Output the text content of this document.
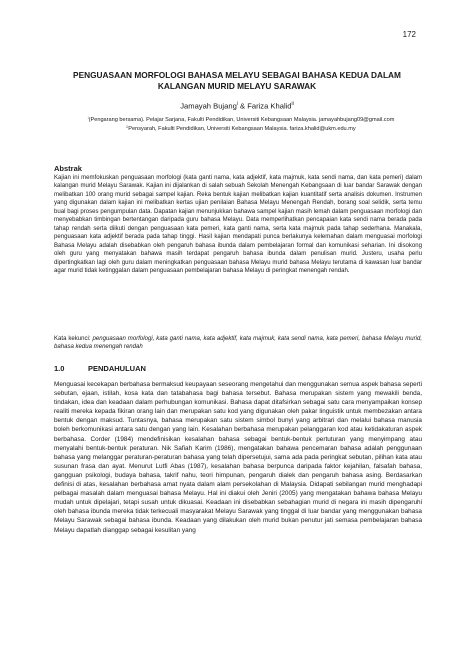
172
PENGUASAAN MORFOLOGI BAHASA MELAYU SEBAGAI BAHASA KEDUA DALAM
KALANGAN MURID MELAYU SARAWAK
Jamayah Bujang$^i$ & Fariza Khalid$^{ii}$
ⁱ(Pengarang bersama). Pelajar Sarjana, Fakulti Pendidikan, Universiti Kebangsaan Malaysia. jamayahbujang09@gmail.com
ⁱⁱPensyarah, Fakulti Pendidikan, Universiti Kebangsaan Malaysia. fariza.khalid@ukm.edu.my
Abstrak
Kajian ini memfokuskan penguasaan morfologi (kata ganti nama, kata adjektif, kata majmuk, kata sendi nama, dan kata pemeri) dalam kalangan murid Melayu Sarawak. Kajian ini dijalankan di salah sebuah Sekolah Menengah Kebangsaan di luar bandar Sarawak dengan melibatkan 100 orang murid sebagai sampel kajian. Reka bentuk kajian melibatkan kajian kuantitatif serta analisis dokumen. Instrumen yang digunakan dalam kajian ini melibatkan kertas ujian penilaian Bahasa Melayu Menengah Rendah, borang soal selidik, serta temu bual bagi proses pengumpulan data. Dapatan kajian menunjukkan bahawa sampel kajian masih lemah dalam penguasaan morfologi dan menyebabkan timbingan bertentangan daripada guru bahasa Melayu. Data memperlihatkan pencapaian kata sendi nama berada pada tahap rendah serta diikuti dengan penguasaan kata pemeri, kata ganti nama, serta kata majmuk pada tahap sederhana. Manakala, penguasaan kata adjektif berada pada tahap tinggi. Hasil kajian mendapati punca berlakunya kelemahan dalam menguasai morfologi Bahasa Melayu adalah disebabkan oleh pengaruh bahasa ibunda dalam pembelajaran formal dan komunikasi seharian. Ini disokong oleh guru yang menyatakan bahawa masih terdapat pengaruh bahasa ibunda dalam penulisan murid. Justeru, usaha perlu dipertingkatkan lagi oleh guru dalam meningkatkan penguasaan bahasa Melayu murid bahasa Melayu terutama di kawasan luar bandar agar murid tidak ketinggalan dalam penguasaan pembelajaran bahasa Melayu di peringkat menengah rendah.
Kata kekunci: penguasaan morfologi, kata ganti nama, kata adjektif, kata majmuk, kata sendi nama, kata pemeri, bahasa Melayu murid, bahasa kedua menengah rendah
1.0	PENDAHULUAN
Menguasai kecekapan berbahasa bermaksud keupayaan seseorang mengetahui dan menggunakan semua aspek bahasa seperti sebutan, ejaan, istilah, kosa kata dan tatabahasa bagi bahasa tersebut. Bahasa merupakan sistem yang mewakili benda, tindakan, idea dan keadaan dalam perhubungan komunikasi. Bahasa dapat ditafsirkan sebagai satu cara menyampaikan konsep realiti mereka kepada fikiran orang lain dan merupakan satu kod yang digunakan oleh pakar linguistik untuk membezakan antara bentuk dengan maksud. Tuntasnya, bahasa merupakan satu sistem simbol bunyi yang arbitrari dan melalui bahasa manusia boleh berkomunikasi antara satu dengan yang lain. Kesalahan berbahasa merupakan pelanggaran kod atau ketidakaturan aspek berbahasa. Corder (1984) mendefinisikan kesalahan bahasa sebagai bentuk-bentuk pertuturan yang menyimpang atau menyalahi bentuk-bentuk peraturan. Nik Safiah Karim (1986), mengatakan bahawa pencemaran bahasa adalah penggunaan bahasa yang melanggar peraturan-peraturan bahasa yang telah dipersetujui, sama ada pada peringkat sebutan, pilihan kata atau susunan frasa dan ayat. Menurut Lutfi Abas (1987), kesalahan bahasa berpunca daripada faktor kejahilan, falsafah bahasa, gangguan psikologi, budaya bahasa, takrif nahu, teori himpunan, pengaruh dialek dan pengaruh bahasa asing. Berdasarkan definisi di atas, kesalahan berbahasa amat nyata dalam alam persekolahan di Malaysia. Didapati sebilangan murid menghadapi pelbagai masalah dalam menguasai bahasa Melayu. Hal ini diakui oleh Jeniri (2005) yang mengatakan bahawa bahasa Melayu mudah untuk dipelajari, tetapi susah untuk dikuasai. Keadaan ini disebabkan sebahagian murid di negara ini masih dipengaruhi oleh bahasa ibunda mereka tidak terkecuali masyarakat Melayu Sarawak yang tinggal di luar bandar yang menggunakan bahasa Melayu Sarawak sebagai bahasa ibunda. Keadaan yang dilakukan oleh murid bukan penutur jati semasa pembelajaran bahasa Melayu dapatlah dianggap sebagai kesulitan yang
